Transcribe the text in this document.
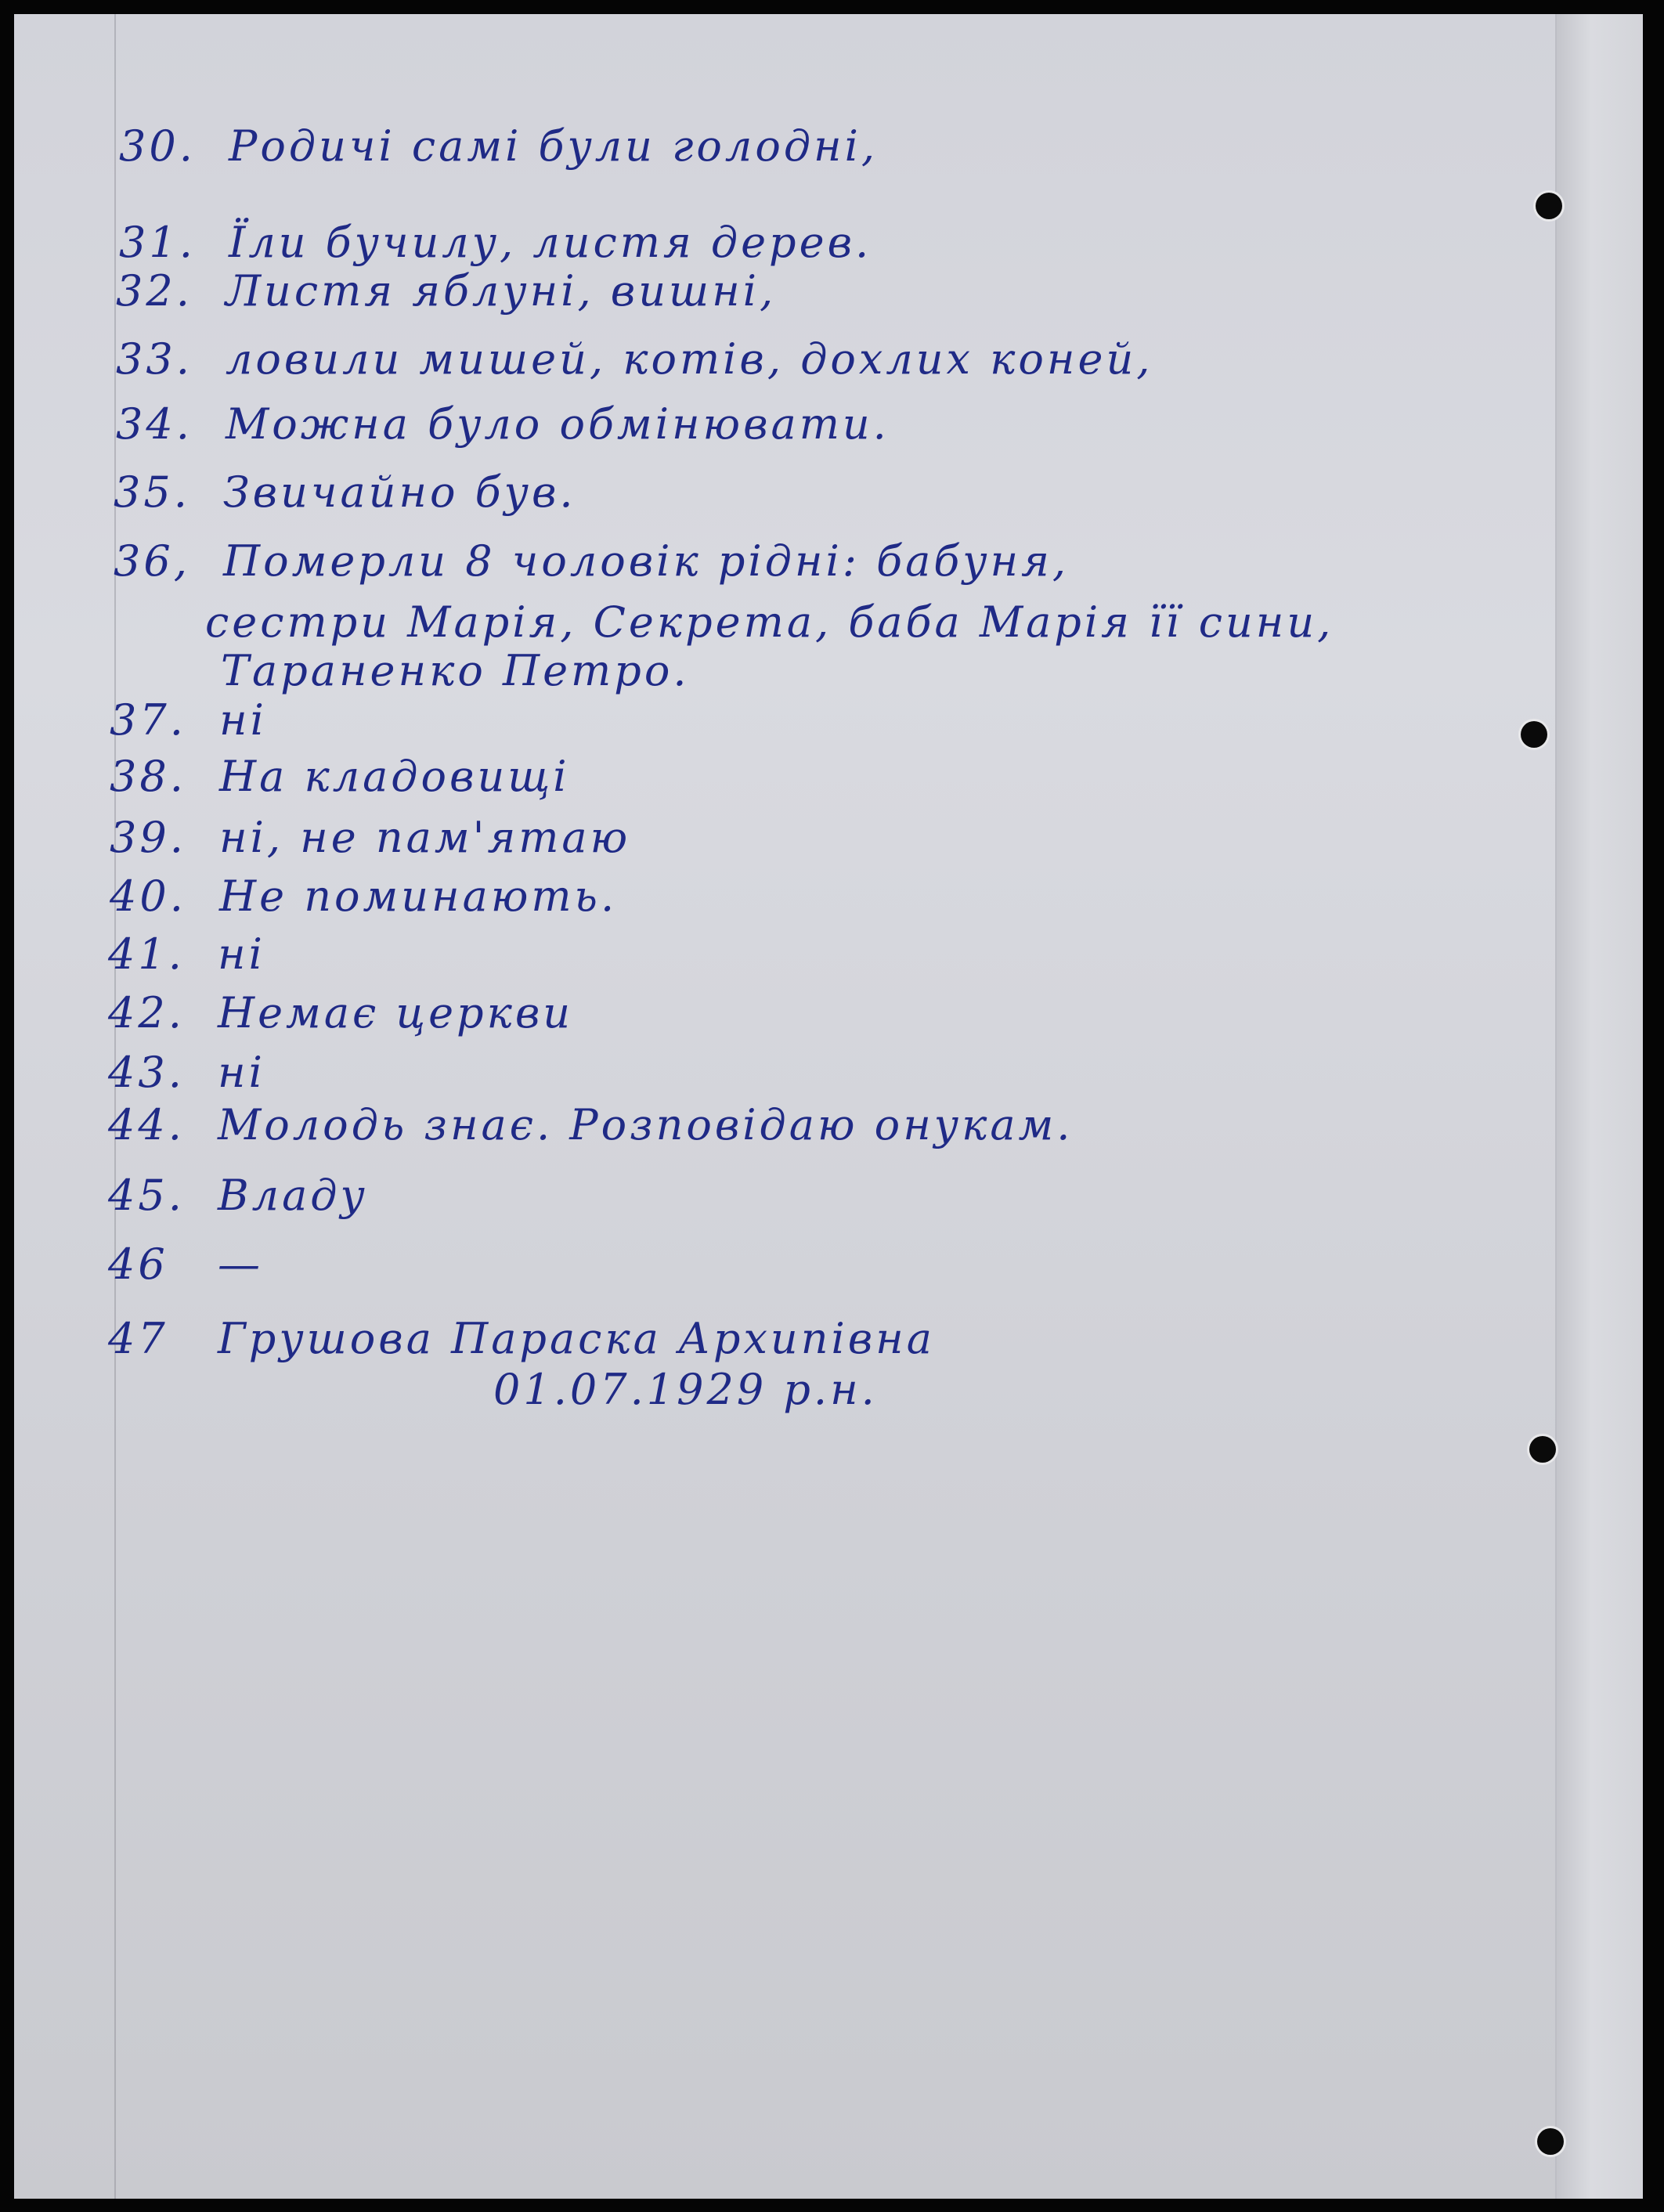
30. Родичі самі були голодні,
31. Їли бучилу, листя дерев.
32. Листя яблуні, вишні,
33. ловили мишей, котів, дохлих коней,
34. Можна було обмінювати.
35. Звичайно був.
36, Померли 8 чоловік рідні: бабуня,
сестри Марія, Секрета, баба Марія її сини,
Тараненко Петро.
37. ні
38. На кладовищі
39. ні, не пам'ятаю
40. Не поминають.
41. ні
42. Немає церкви
43. ні
44. Молодь знає. Розповідаю онукам.
45. Владу
46 —
47 Грушова Параска Архипівна
01.07.1929 р.н.
